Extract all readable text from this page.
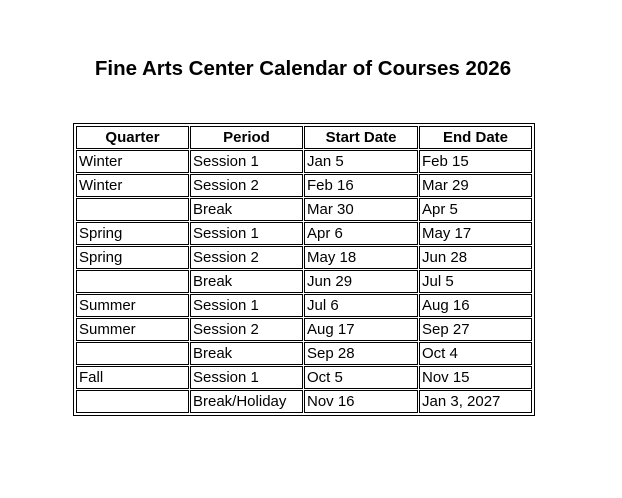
Fine Arts Center Calendar of Courses 2026
Quarter	Period	Start Date	End Date
Winter	Session 1	Jan 5	Feb 15
Winter	Session 2	Feb 16	Mar 29
	Break	Mar 30	Apr 5
Spring	Session 1	Apr 6	May 17
Spring	Session 2	May 18	Jun 28
	Break	Jun 29	Jul 5
Summer	Session 1	Jul 6	Aug 16
Summer	Session 2	Aug 17	Sep 27
	Break	Sep 28	Oct 4
Fall	Session 1	Oct 5	Nov 15
	Break/Holiday	Nov 16	Jan 3, 2027
